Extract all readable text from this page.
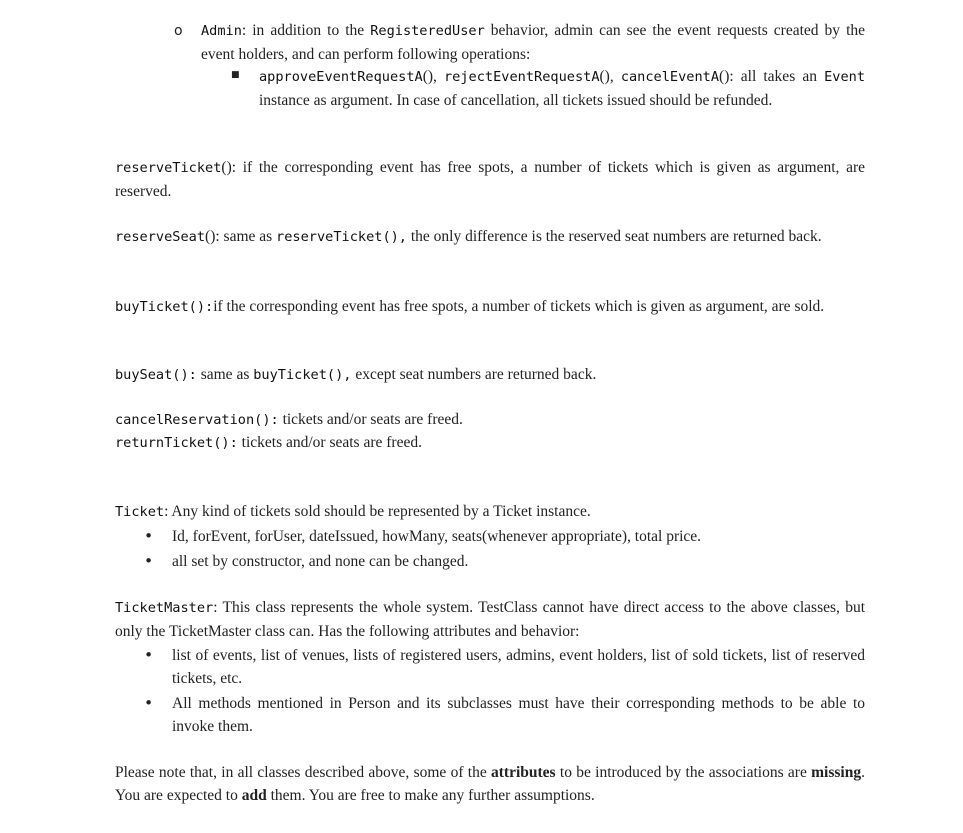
o Admin: in addition to the RegisteredUser behavior, admin can see the event requests created by the event holders, and can perform following operations:
■ approveEventRequestA(), rejectEventRequestA(), cancelEventA(): all takes an Event instance as argument. In case of cancellation, all tickets issued should be refunded.
reserveTicket(): if the corresponding event has free spots, a number of tickets which is given as argument, are reserved.
reserveSeat(): same as reserveTicket(), the only difference is the reserved seat numbers are returned back.
buyTicket():if the corresponding event has free spots, a number of tickets which is given as argument, are sold.
buySeat(): same as buyTicket(), except seat numbers are returned back.
cancelReservation(): tickets and/or seats are freed.
returnTicket(): tickets and/or seats are freed.
Ticket: Any kind of tickets sold should be represented by a Ticket instance.
• Id, forEvent, forUser, dateIssued, howMany, seats(whenever appropriate), total price.
• all set by constructor, and none can be changed.
TicketMaster: This class represents the whole system. TestClass cannot have direct access to the above classes, but only the TicketMaster class can. Has the following attributes and behavior:
• list of events, list of venues, lists of registered users, admins, event holders, list of sold tickets, list of reserved tickets, etc.
• All methods mentioned in Person and its subclasses must have their corresponding methods to be able to invoke them.
Please note that, in all classes described above, some of the attributes to be introduced by the associations are missing. You are expected to add them. You are free to make any further assumptions.
